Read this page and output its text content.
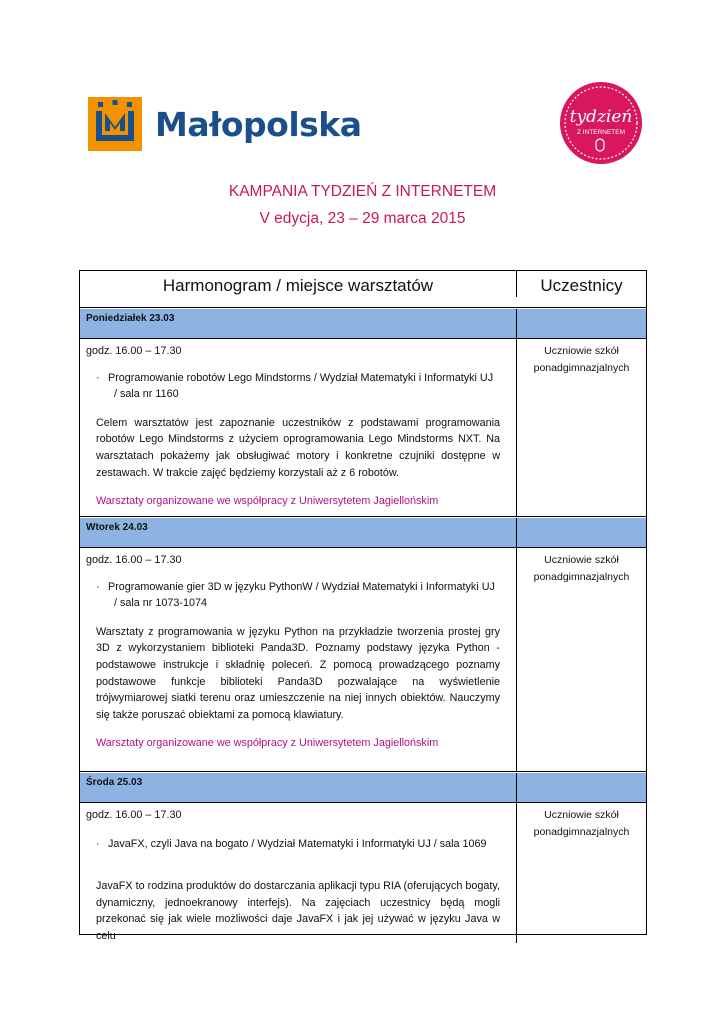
Małopolska	tydzień
Z INTERNETEM
KAMPANIA TYDZIEŃ Z INTERNETEM
V edycja, 23 – 29 marca 2015
Harmonogram / miejsce warsztatów	Uczestnicy
Poniedziałek 23.03
godz. 16.00 – 17.30
· Programowanie robotów Lego Mindstorms / Wydział Matematyki i Informatyki UJ
/ sala nr 1160
Celem warsztatów jest zapoznanie uczestników z podstawami programowania robotów Lego Mindstorms z użyciem oprogramowania Lego Mindstorms NXT. Na warsztatach pokażemy jak obsługiwać motory i konkretne czujniki dostępne w zestawach. W trakcie zajęć będziemy korzystali aż z 6 robotów.
Warsztaty organizowane we współpracy z Uniwersytetem Jagiellońskim
Uczniowie szkół
ponadgimnazjalnych
Wtorek 24.03
godz. 16.00 – 17.30
· Programowanie gier 3D w języku PythonW / Wydział Matematyki i Informatyki UJ
/ sala nr 1073-1074
Warsztaty z programowania w języku Python na przykładzie tworzenia prostej gry 3D z wykorzystaniem biblioteki Panda3D. Poznamy podstawy języka Python - podstawowe instrukcje i składnię poleceń. Z pomocą prowadzącego poznamy podstawowe funkcje biblioteki Panda3D pozwalające na wyświetlenie trójwymiarowej siatki terenu oraz umieszczenie na niej innych obiektów. Nauczymy się także poruszać obiektami za pomocą klawiatury.
Warsztaty organizowane we współpracy z Uniwersytetem Jagiellońskim
Uczniowie szkół
ponadgimnazjalnych
Środa 25.03
godz. 16.00 – 17.30
· JavaFX, czyli Java na bogato / Wydział Matematyki i Informatyki UJ / sala 1069
JavaFX to rodzina produktów do dostarczania aplikacji typu RIA (oferujących bogaty, dynamiczny, jednoekranowy interfejs). Na zajęciach uczestnicy będą mogli przekonać się jak wiele możliwości daje JavaFX i jak jej używać w języku Java w celu
Uczniowie szkół
ponadgimnazjalnych
